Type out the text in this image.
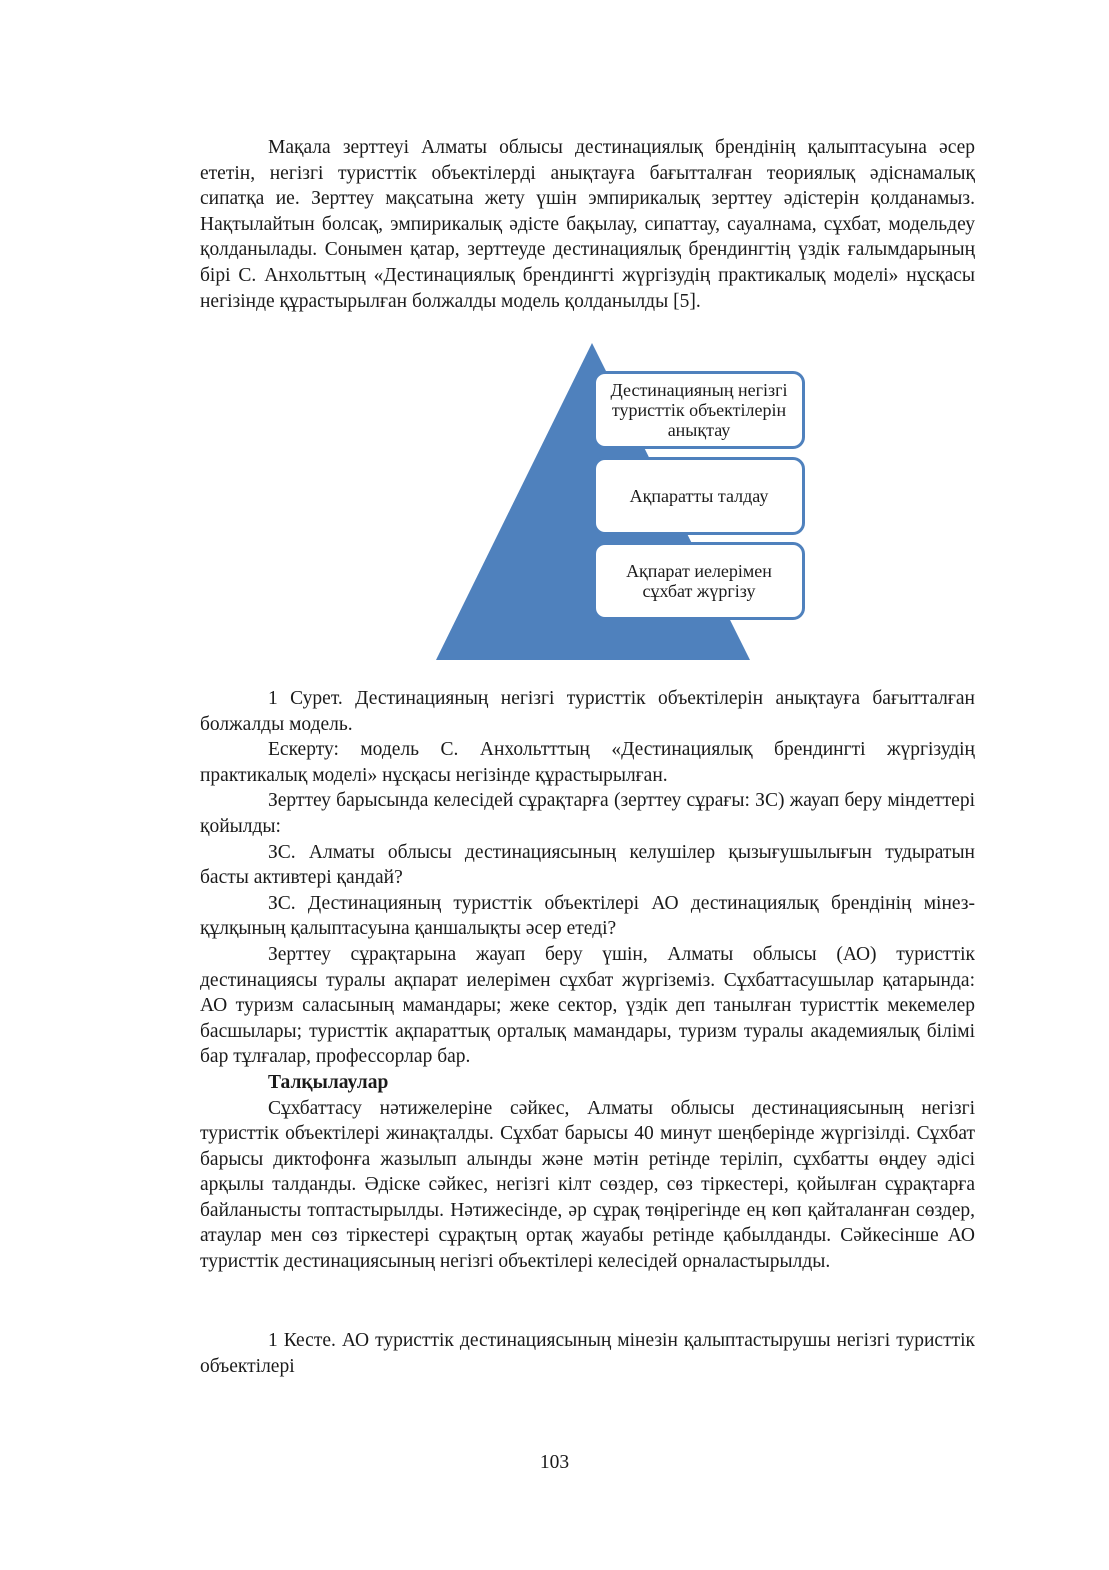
Мақала зерттеуі Алматы облысы дестинациялық брендінің қалыптасуына әсер ететін, негізгі туристтік объектілерді анықтауға бағытталған теориялық әдіснамалық сипатқа ие. Зерттеу мақсатына жету үшін эмпирикалық зерттеу әдістерін қолданамыз. Нақтылайтын болсақ, эмпирикалық әдісте бақылау, сипаттау, сауалнама, сұхбат, модельдеу қолданылады. Сонымен қатар, зерттеуде дестинациялық брендингтің үздік ғалымдарының бірі С. Анхольттың «Дестинациялық брендингті жүргізудің практикалық моделі» нұсқасы негізінде құрастырылған болжалды модель қолданылды [5].

Дестинацияның негізгі туристтік объектілерін анықтау
Ақпаратты талдау
Ақпарат иелерімен сұхбат жүргізу

1 Сурет. Дестинацияның негізгі туристтік объектілерін анықтауға бағытталған болжалды модель.

Ескерту: модель С. Анхольтттың «Дестинациялық брендингті жүргізудің практикалық моделі» нұсқасы негізінде құрастырылған.

Зерттеу барысында келесідей сұрақтарға (зерттеу сұрағы: ЗС) жауап беру міндеттері қойылды:

ЗС. Алматы облысы дестинациясының келушілер қызығушылығын тудыратын басты активтері қандай?

ЗС. Дестинацияның туристтік объектілері АО дестинациялық брендінің мінез-құлқының қалыптасуына қаншалықты әсер етеді?

Зерттеу сұрақтарына жауап беру үшін, Алматы облысы (АО) туристтік дестинациясы туралы ақпарат иелерімен сұхбат жүргіземіз. Сұхбаттасушылар қатарында: АО туризм саласының мамандары; жеке сектор, үздік деп танылған туристтік мекемелер басшылары; туристтік ақпараттық орталық мамандары, туризм туралы академиялық білімі бар тұлғалар, профессорлар бар.

Талқылаулар

Сұхбаттасу нәтижелеріне сәйкес, Алматы облысы дестинациясының негізгі туристтік объектілері жинақталды. Сұхбат барысы 40 минут шеңберінде жүргізілді. Сұхбат барысы диктофонға жазылып алынды және мәтін ретінде теріліп, сұхбатты өңдеу әдісі арқылы талданды. Әдіске сәйкес, негізгі кілт сөздер, сөз тіркестері, қойылған сұрақтарға байланысты топтастырылды. Нәтижесінде, әр сұрақ төңірегінде ең көп қайталанған сөздер, атаулар мен сөз тіркестері сұрақтың ортақ жауабы ретінде қабылданды. Сәйкесінше АО туристтік дестинациясының негізгі объектілері келесідей орналастырылды.

1 Кесте. АО туристтік дестинациясының мінезін қалыптастырушы негізгі туристтік объектілері

103
